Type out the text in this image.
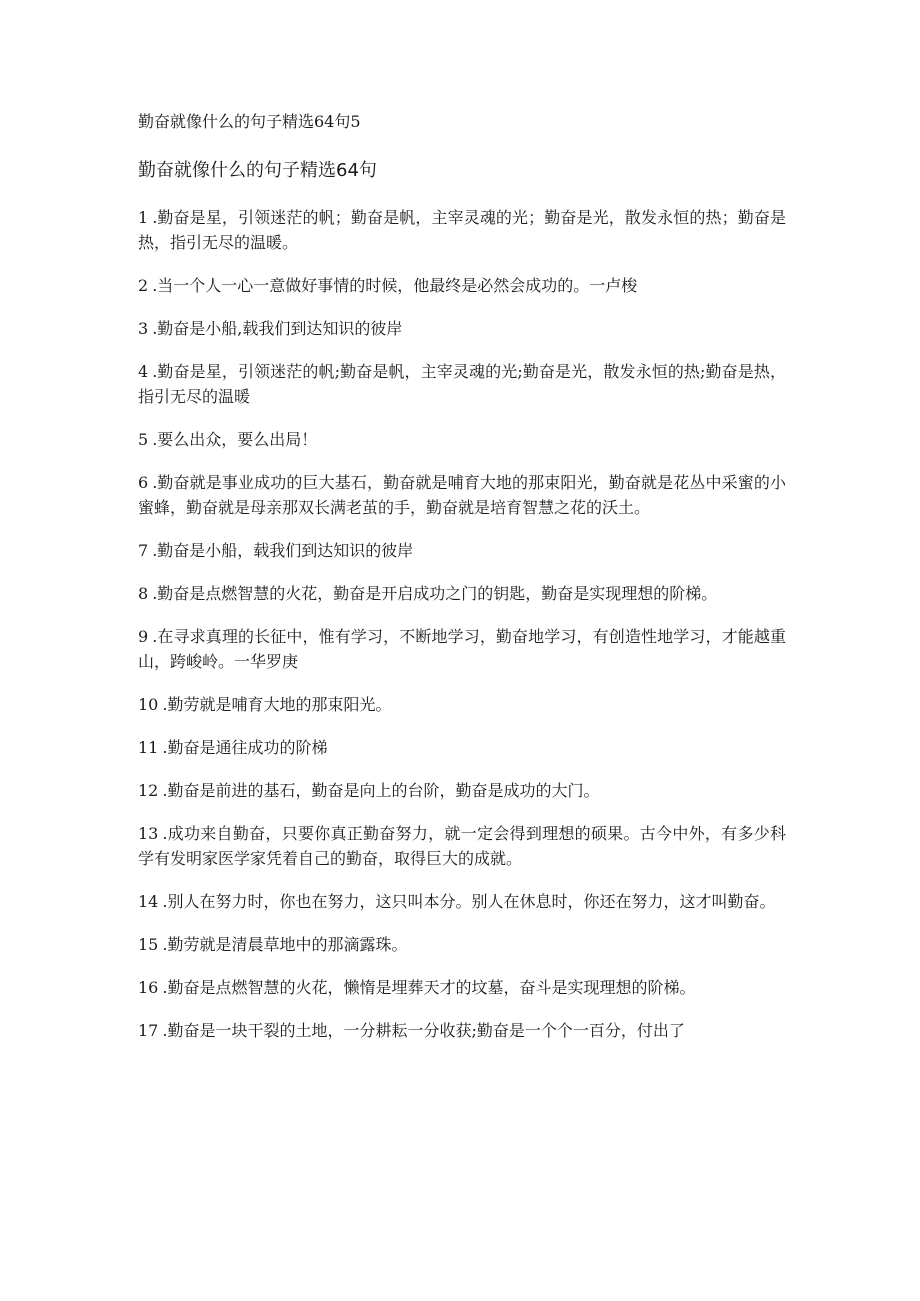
勤奋就像什么的句子精选64句5
勤奋就像什么的句子精选64句
1 .勤奋是星，引领迷茫的帆；勤奋是帆，主宰灵魂的光；勤奋是光，散发永恒的热；勤奋是热，指引无尽的温暖。
2 .当一个人一心一意做好事情的时候，他最终是必然会成功的。一卢梭
3 .勤奋是小船,载我们到达知识的彼岸
4 .勤奋是星，引领迷茫的帆;勤奋是帆，主宰灵魂的光;勤奋是光，散发永恒的热;勤奋是热，指引无尽的温暖
5 .要么出众，要么出局！
6 .勤奋就是事业成功的巨大基石，勤奋就是哺育大地的那束阳光，勤奋就是花丛中采蜜的小蜜蜂，勤奋就是母亲那双长满老茧的手，勤奋就是培育智慧之花的沃土。
7 .勤奋是小船，载我们到达知识的彼岸
8 .勤奋是点燃智慧的火花，勤奋是开启成功之门的钥匙，勤奋是实现理想的阶梯。
9 .在寻求真理的长征中，惟有学习，不断地学习，勤奋地学习，有创造性地学习，才能越重山，跨峻岭。一华罗庚
10 .勤劳就是哺育大地的那束阳光。
11 .勤奋是通往成功的阶梯
12 .勤奋是前进的基石，勤奋是向上的台阶，勤奋是成功的大门。
13 .成功来自勤奋，只要你真正勤奋努力，就一定会得到理想的硕果。古今中外，有多少科学有发明家医学家凭着自己的勤奋，取得巨大的成就。
14 .别人在努力时，你也在努力，这只叫本分。别人在休息时，你还在努力，这才叫勤奋。
15 .勤劳就是清晨草地中的那滴露珠。
16 .勤奋是点燃智慧的火花，懒惰是埋葬天才的坟墓，奋斗是实现理想的阶梯。
17 .勤奋是一块干裂的土地，一分耕耘一分收获;勤奋是一个个一百分，付出了
